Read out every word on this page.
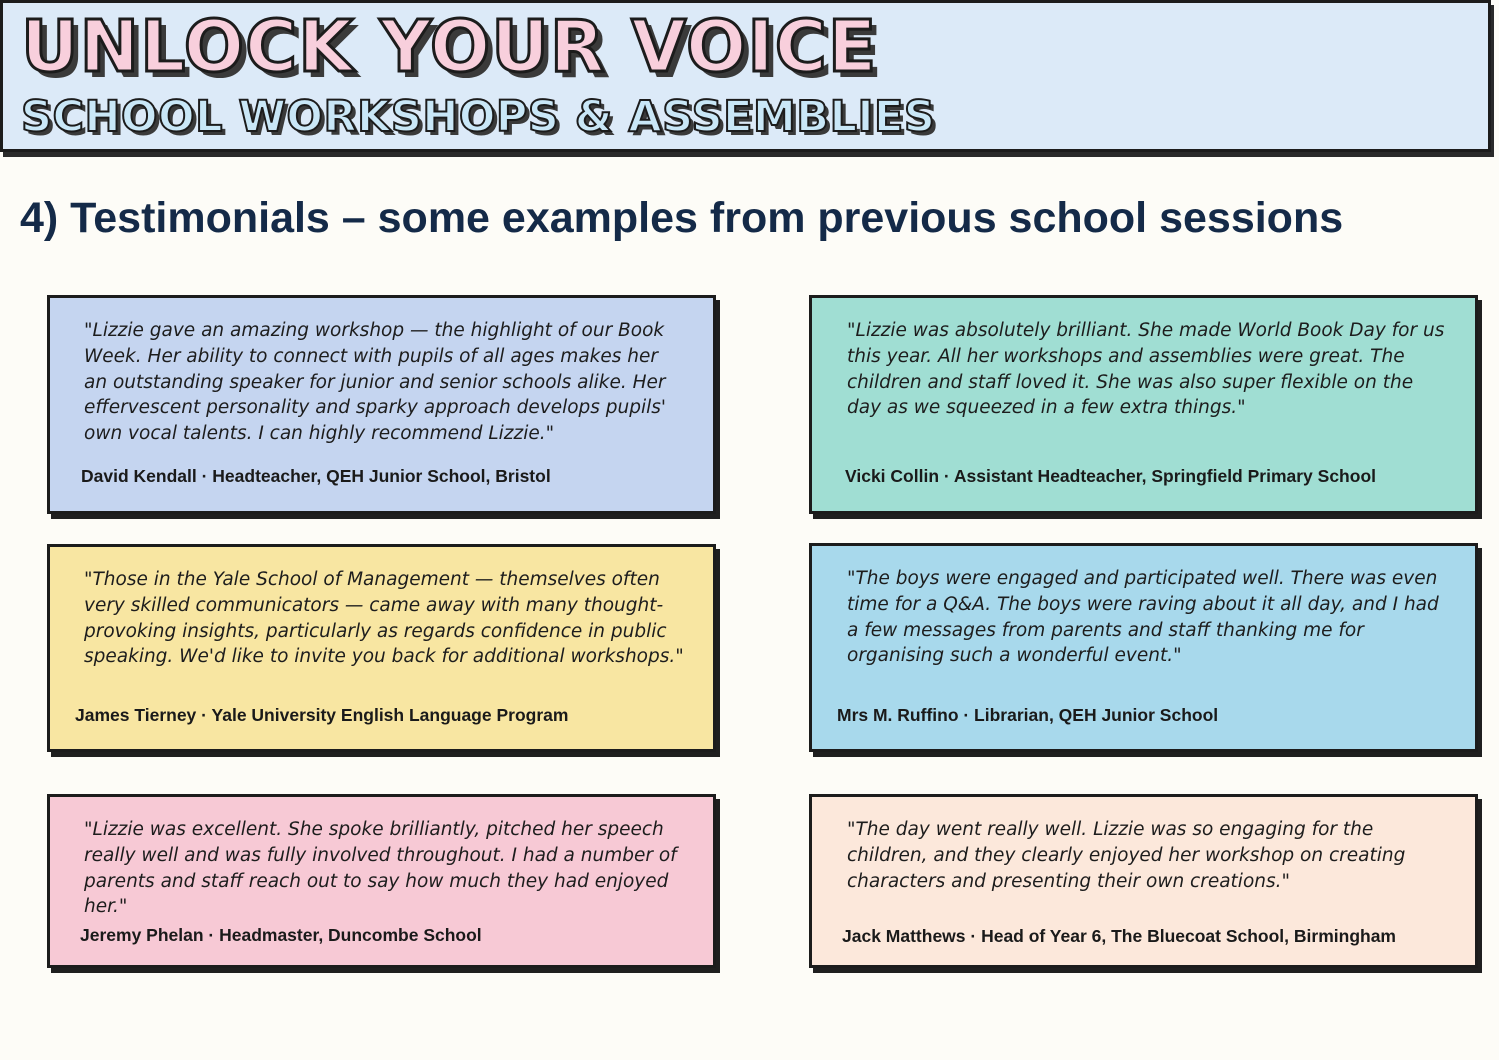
UNLOCK YOUR VOICE
SCHOOL WORKSHOPS & ASSEMBLIES
4) Testimonials – some examples from previous school sessions

"Lizzie gave an amazing workshop — the highlight of our Book Week. Her ability to connect with pupils of all ages makes her an outstanding speaker for junior and senior schools alike. Her effervescent personality and sparky approach develops pupils' own vocal talents. I can highly recommend Lizzie."

David Kendall · Headteacher, QEH Junior School, Bristol

"Lizzie was absolutely brilliant. She made World Book Day for us this year. All her workshops and assemblies were great. The children and staff loved it. She was also super flexible on the day as we squeezed in a few extra things."

Vicki Collin · Assistant Headteacher, Springfield Primary School

"Those in the Yale School of Management — themselves often very skilled communicators — came away with many thought-provoking insights, particularly as regards confidence in public speaking. We'd like to invite you back for additional workshops."

James Tierney · Yale University English Language Program

"The boys were engaged and participated well. There was even time for a Q&A. The boys were raving about it all day, and I had a few messages from parents and staff thanking me for organising such a wonderful event."

Mrs M. Ruffino · Librarian, QEH Junior School

"Lizzie was excellent. She spoke brilliantly, pitched her speech really well and was fully involved throughout. I had a number of parents and staff reach out to say how much they had enjoyed her."

Jeremy Phelan · Headmaster, Duncombe School

"The day went really well. Lizzie was so engaging for the children, and they clearly enjoyed her workshop on creating characters and presenting their own creations."

Jack Matthews · Head of Year 6, The Bluecoat School, Birmingham
